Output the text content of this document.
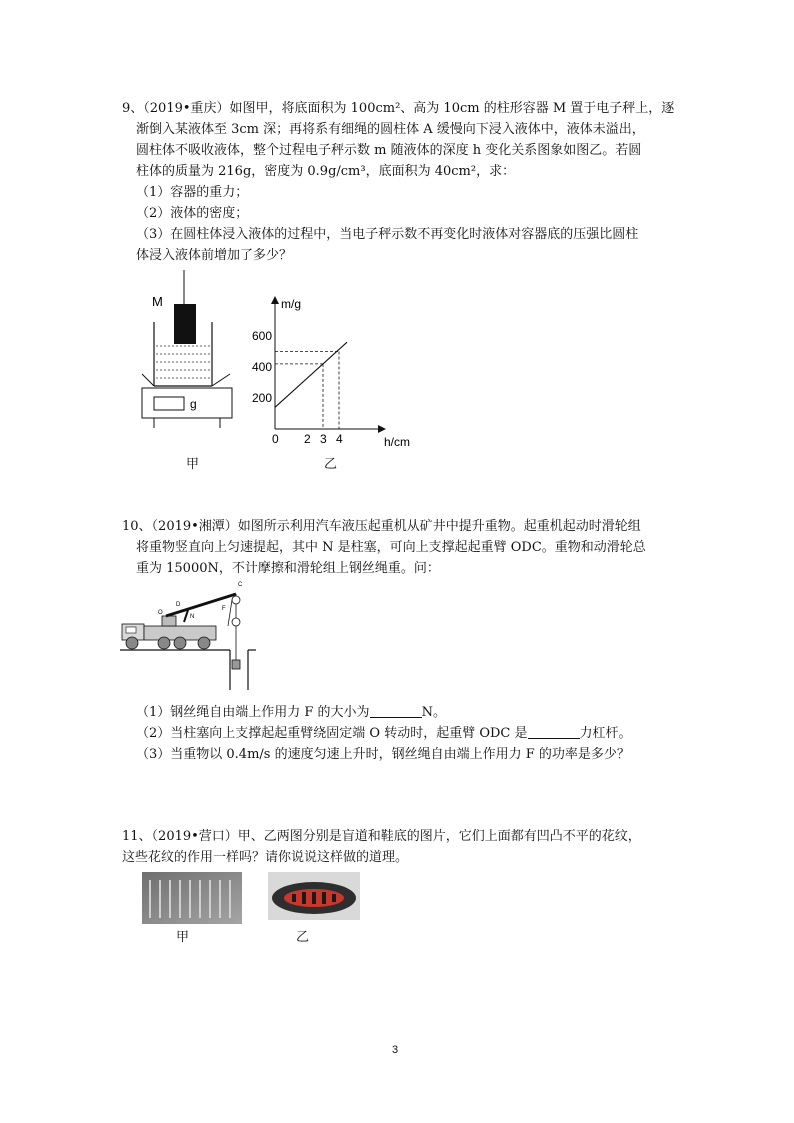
9、（2019•重庆）如图甲，将底面积为 100cm²、高为 10cm 的柱形容器 M 置于电子秤上，逐

渐倒入某液体至 3cm 深；再将系有细绳的圆柱体 A 缓慢向下浸入液体中，液体未溢出，

圆柱体不吸收液体，整个过程电子秤示数 m 随液体的深度 h 变化关系图象如图乙。若圆

柱体的质量为 216g，密度为 0.9g/cm³，底面积为 40cm²，求：

（1）容器的重力；

（2）液体的密度；

（3）在圆柱体浸入液体的过程中，当电子秤示数不再变化时液体对容器底的压强比圆柱

体浸入液体前增加了多少？

M
g
甲
m/g
h/cm
0 2 3 4
200
400
600
乙

10、（2019•湘潭）如图所示利用汽车液压起重机从矿井中提升重物。起重机起动时滑轮组

将重物竖直向上匀速提起，其中 N 是柱塞，可向上支撑起起重臂 ODC。重物和动滑轮总

重为 15000N，不计摩擦和滑轮组上钢丝绳重。问：

C
O
D
N
F

（1）钢丝绳自由端上作用力 F 的大小为	N。

（2）当柱塞向上支撑起起重臂绕固定端 O 转动时，起重臂 ODC 是	力杠杆。

（3）当重物以 0.4m/s 的速度匀速上升时，钢丝绳自由端上作用力 F 的功率是多少？

11、（2019•营口）甲、乙两图分别是盲道和鞋底的图片，它们上面都有凹凸不平的花纹，

这些花纹的作用一样吗？请你说说这样做的道理。

甲	乙
3
